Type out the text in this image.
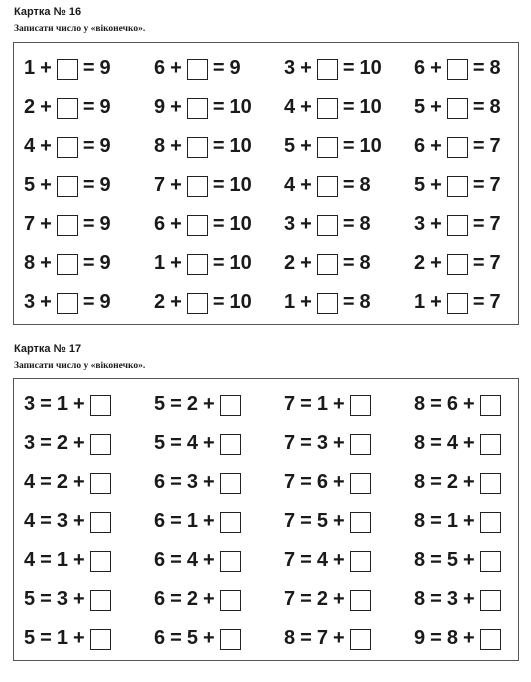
Картка № 16
Записати число у «віконечко».
1 + = 9
2 + = 9
4 + = 9
5 + = 9
7 + = 9
8 + = 9
3 + = 9
6 + = 9
9 + = 10
8 + = 10
7 + = 10
6 + = 10
1 + = 10
2 + = 10
3 + = 10
4 + = 10
5 + = 10
4 + = 8
3 + = 8
2 + = 8
1 + = 8
6 + = 8
5 + = 8
6 + = 7
5 + = 7
3 + = 7
2 + = 7
1 + = 7
Картка № 17
Записати число у «віконечко».
3 = 1 +
3 = 2 +
4 = 2 +
4 = 3 +
4 = 1 +
5 = 3 +
5 = 1 +
5 = 2 +
5 = 4 +
6 = 3 +
6 = 1 +
6 = 4 +
6 = 2 +
6 = 5 +
7 = 1 +
7 = 3 +
7 = 6 +
7 = 5 +
7 = 4 +
7 = 2 +
8 = 7 +
8 = 6 +
8 = 4 +
8 = 2 +
8 = 1 +
8 = 5 +
8 = 3 +
9 = 8 +
